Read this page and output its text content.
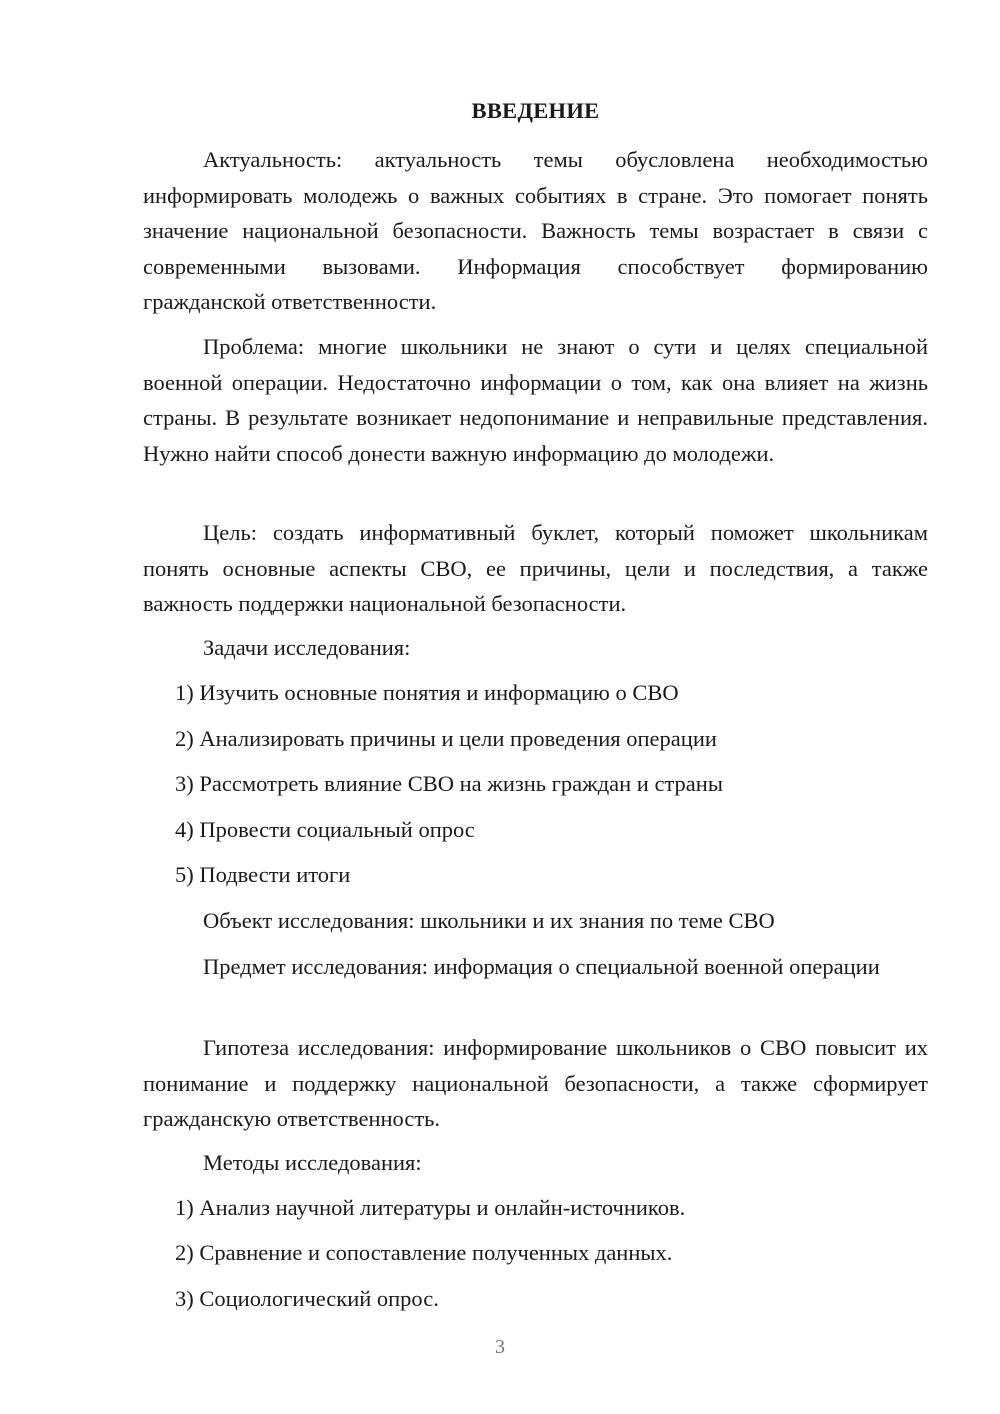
ВВЕДЕНИЕ

Актуальность: актуальность темы обусловлена необходимостью информировать молодежь о важных событиях в стране. Это помогает понять значение национальной безопасности. Важность темы возрастает в связи с современными вызовами. Информация способствует формированию гражданской ответственности.

Проблема: многие школьники не знают о сути и целях специальной военной операции. Недостаточно информации о том, как она влияет на жизнь страны. В результате возникает недопонимание и неправильные представления. Нужно найти способ донести важную информацию до молодежи.

Цель: создать информативный буклет, который поможет школьникам понять основные аспекты СВО, ее причины, цели и последствия, а также важность поддержки национальной безопасности.

Задачи исследования:
1) Изучить основные понятия и информацию о СВО
2) Анализировать причины и цели проведения операции
3) Рассмотреть влияние СВО на жизнь граждан и страны
4) Провести социальный опрос
5) Подвести итоги
Объект исследования: школьники и их знания по теме СВО

Предмет исследования: информация о специальной военной операции

Гипотеза исследования: информирование школьников о СВО повысит их понимание и поддержку национальной безопасности, а также сформирует гражданскую ответственность.

Методы исследования:
1) Анализ научной литературы и онлайн-источников.
2) Сравнение и сопоставление полученных данных.
3) Социологический опрос.
3
